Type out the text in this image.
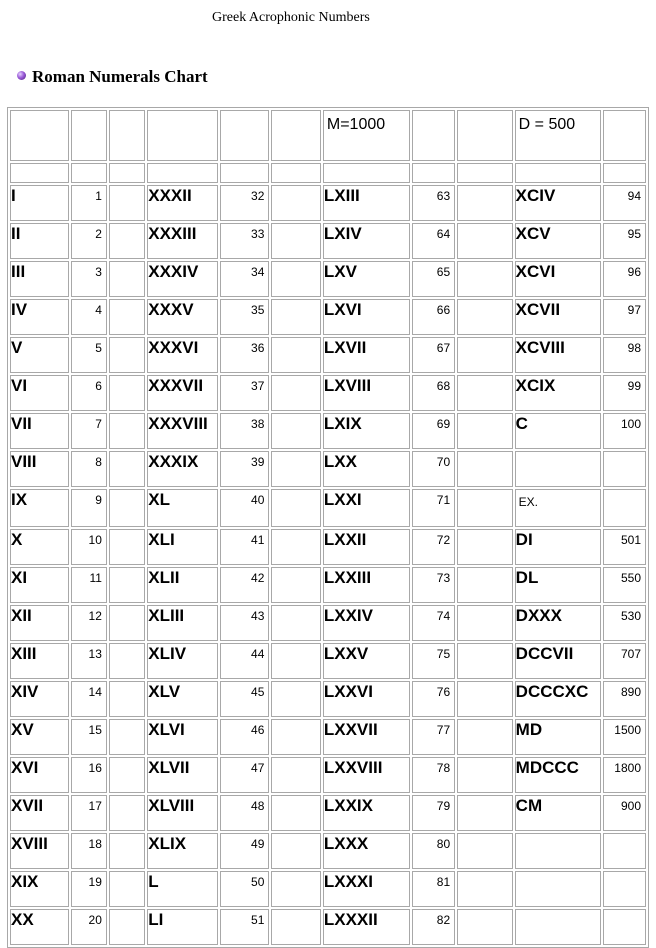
Greek Acrophonic Numbers
Roman Numerals Chart
						M=1000			D = 500	

I	1		XXXII	32		LXIII	63		XCIV	94
II	2		XXXIII	33		LXIV	64		XCV	95
III	3		XXXIV	34		LXV	65		XCVI	96
IV	4		XXXV	35		LXVI	66		XCVII	97
V	5		XXXVI	36		LXVII	67		XCVIII	98
VI	6		XXXVII	37		LXVIII	68		XCIX	99
VII	7		XXXVIII	38		LXIX	69		C	100
VIII	8		XXXIX	39		LXX	70			
IX	9		XL	40		LXXI	71		EX.	
X	10		XLI	41		LXXII	72		DI	501
XI	11		XLII	42		LXXIII	73		DL	550
XII	12		XLIII	43		LXXIV	74		DXXX	530
XIII	13		XLIV	44		LXXV	75		DCCVII	707
XIV	14		XLV	45		LXXVI	76		DCCCXC	890
XV	15		XLVI	46		LXXVII	77		MD	1500
XVI	16		XLVII	47		LXXVIII	78		MDCCC	1800
XVII	17		XLVIII	48		LXXIX	79		CM	900
XVIII	18		XLIX	49		LXXX	80			
XIX	19		L	50		LXXXI	81			
XX	20		LI	51		LXXXII	82			
